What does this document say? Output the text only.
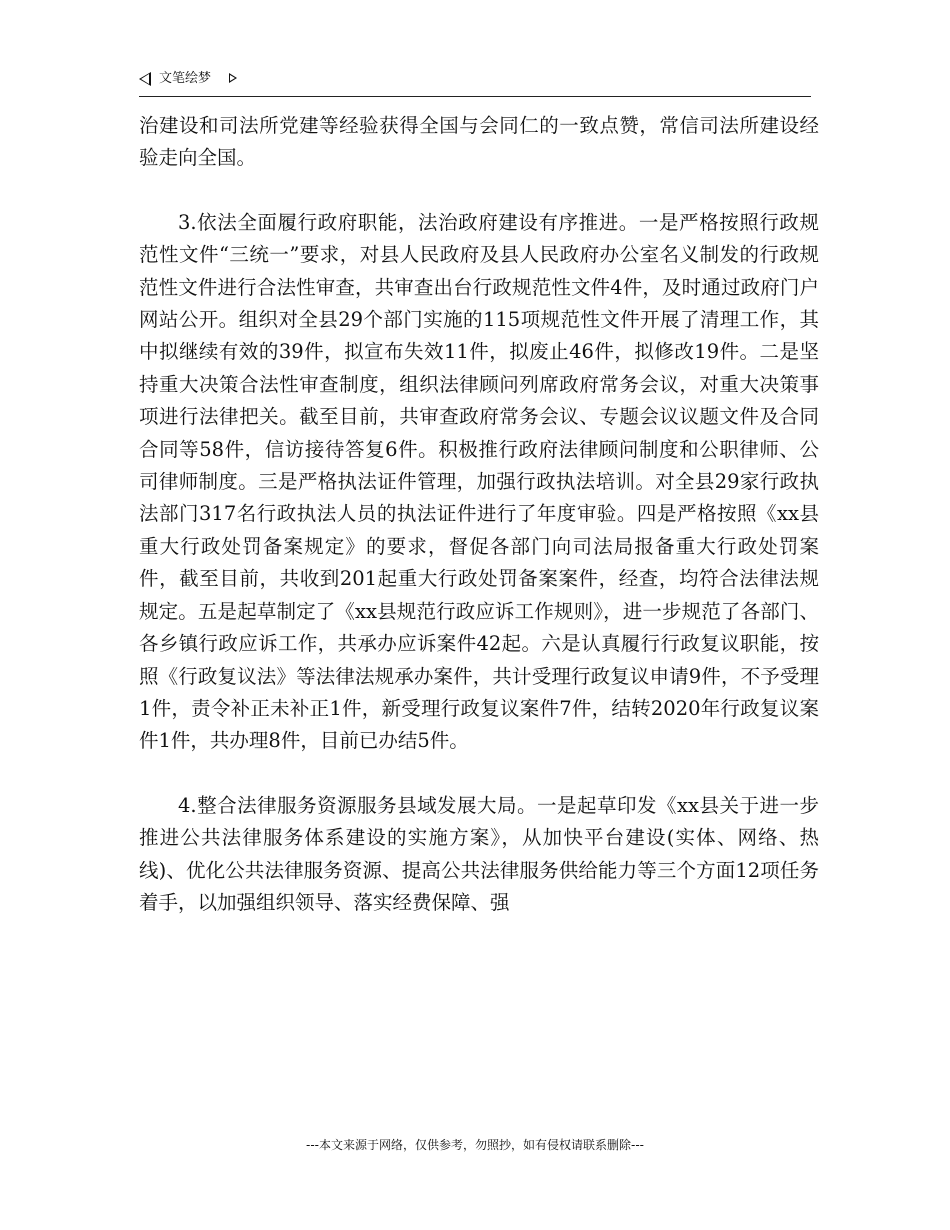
文笔绘梦

治建设和司法所党建等经验获得全国与会同仁的一致点赞，常信司法所建设经验走向全国。

3.依法全面履行政府职能，法治政府建设有序推进。一是严格按照行政规范性文件“三统一”要求，对县人民政府及县人民政府办公室名义制发的行政规范性文件进行合法性审查，共审查出台行政规范性文件4件，及时通过政府门户网站公开。组织对全县29个部门实施的115项规范性文件开展了清理工作，其中拟继续有效的39件，拟宣布失效11件，拟废止46件，拟修改19件。二是坚持重大决策合法性审查制度，组织法律顾问列席政府常务会议，对重大决策事项进行法律把关。截至目前，共审查政府常务会议、专题会议议题文件及合同合同等58件，信访接待答复6件。积极推行政府法律顾问制度和公职律师、公司律师制度。三是严格执法证件管理，加强行政执法培训。对全县29家行政执法部门317名行政执法人员的执法证件进行了年度审验。四是严格按照《xx县重大行政处罚备案规定》的要求，督促各部门向司法局报备重大行政处罚案件，截至目前，共收到201起重大行政处罚备案案件，经查，均符合法律法规规定。五是起草制定了《xx县规范行政应诉工作规则》，进一步规范了各部门、各乡镇行政应诉工作，共承办应诉案件42起。六是认真履行行政复议职能，按照《行政复议法》等法律法规承办案件，共计受理行政复议申请9件，不予受理1件，责令补正未补正1件，新受理行政复议案件7件，结转2020年行政复议案件1件，共办理8件，目前已办结5件。

4.整合法律服务资源服务县域发展大局。一是起草印发《xx县关于进一步推进公共法律服务体系建设的实施方案》，从加快平台建设(实体、网络、热线)、优化公共法律服务资源、提高公共法律服务供给能力等三个方面12项任务着手，以加强组织领导、落实经费保障、强

---本文来源于网络，仅供参考，勿照抄，如有侵权请联系删除---
